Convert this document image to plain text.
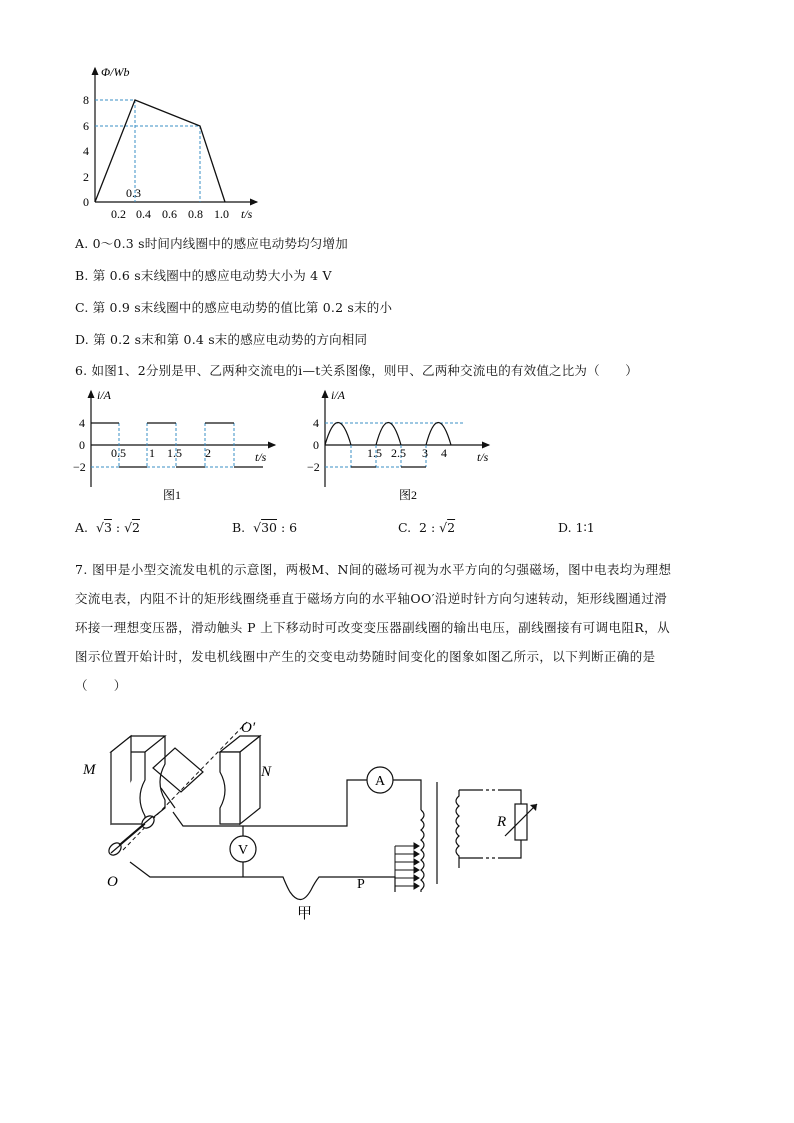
Φ/Wb
8
6
4
2
0
0.3
0.2 0.4 0.6 0.8 1.0 t/s
A. 0～0.3 s时间内线圈中的感应电动势均匀增加
B. 第 0.6 s末线圈中的感应电动势大小为 4 V
C. 第 0.9 s末线圈中的感应电动势的值比第 0.2 s末的小
D. 第 0.2 s末和第 0.4 s末的感应电动势的方向相同
6. 如图1、2分别是甲、乙两种交流电的i—t关系图像，则甲、乙两种交流电的有效值之比为（　　）
i/A
4
0
−2
0.5 1 1.5 2	t/s
图1
i/A
4
0
−2
1.5 2.5 3 4	t/s
图2
A.  √3 : √2	B.  √30 : 6	C. 2 : √2	D. 1∶1
7. 图甲是小型交流发电机的示意图，两极M、N间的磁场可视为水平方向的匀强磁场，图中电表均为理想
交流电表，内阻不计的矩形线圈绕垂直于磁场方向的水平轴OO′沿逆时针方向匀速转动，矩形线圈通过滑
环接一理想变压器，滑动触头 P 上下移动时可改变变压器副线圈的输出电压，副线圈接有可调电阻R，从
图示位置开始计时，发电机线圈中产生的交变电动势随时间变化的图象如图乙所示，以下判断正确的是
（　　）
O′
M	N
A
V
R
O	P
甲
